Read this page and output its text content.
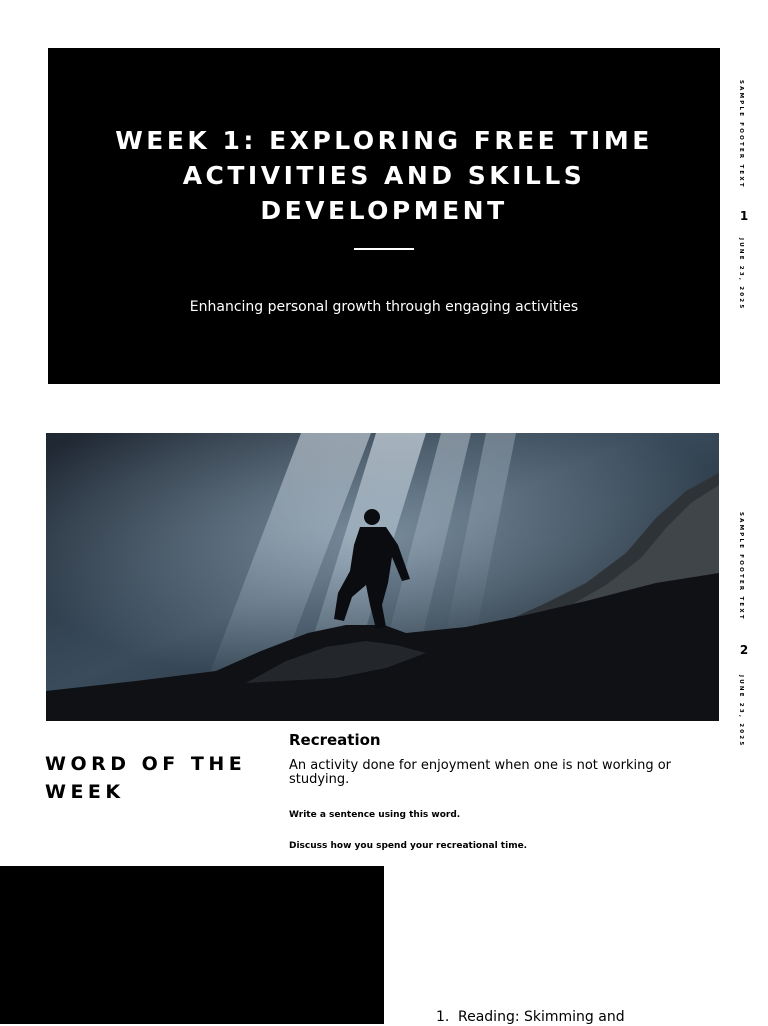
WEEK 1: EXPLORING FREE TIME ACTIVITIES AND SKILLS DEVELOPMENT
Enhancing personal growth through engaging activities
SAMPLE FOOTER TEXT
1
JUNE 23, 2025
SAMPLE FOOTER TEXT
2
JUNE 23, 2025
WORD OF THE WEEK
Recreation
An activity done for enjoyment when one is not working or studying.
Write a sentence using this word.
Discuss how you spend your recreational time.
1. Reading: Skimming and
